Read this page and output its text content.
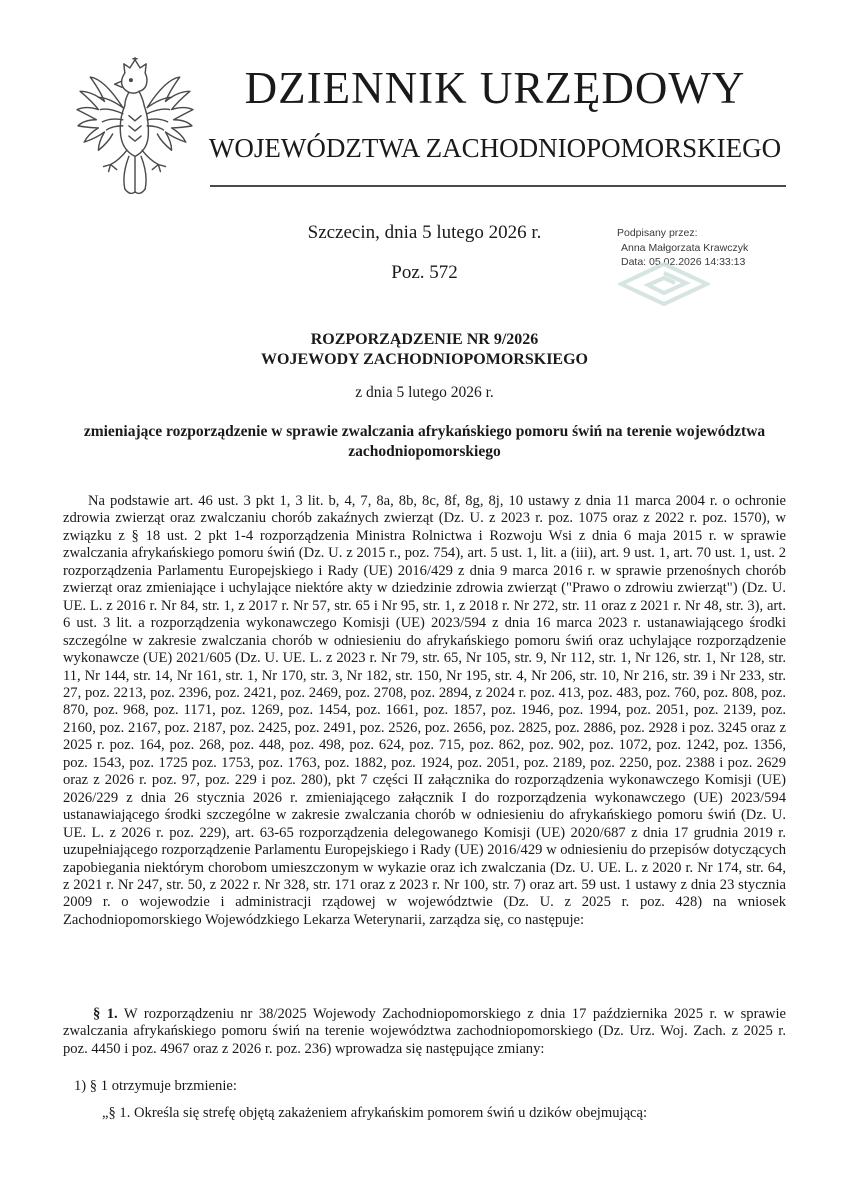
DZIENNIK URZĘDOWY
WOJEWÓDZTWA ZACHODNIOPOMORSKIEGO
Szczecin, dnia 5 lutego 2026 r.
Poz. 572
Podpisany przez:
Anna Małgorzata Krawczyk
Data: 05.02.2026 14:33:13
ROZPORZĄDZENIE NR 9/2026
WOJEWODY ZACHODNIOPOMORSKIEGO
z dnia 5 lutego 2026 r.
zmieniające rozporządzenie w sprawie zwalczania afrykańskiego pomoru świń na terenie województwa zachodniopomorskiego

Na podstawie art. 46 ust. 3 pkt 1, 3 lit. b, 4, 7, 8a, 8b, 8c, 8f, 8g, 8j, 10 ustawy z dnia 11 marca 2004 r. o ochronie zdrowia zwierząt oraz zwalczaniu chorób zakaźnych zwierząt (Dz. U. z 2023 r. poz. 1075 oraz z 2022 r. poz. 1570), w związku z § 18 ust. 2 pkt 1-4 rozporządzenia Ministra Rolnictwa i Rozwoju Wsi z dnia 6 maja 2015 r. w sprawie zwalczania afrykańskiego pomoru świń (Dz. U. z 2015 r., poz. 754), art. 5 ust. 1, lit. a (iii), art. 9 ust. 1, art. 70 ust. 1, ust. 2 rozporządzenia Parlamentu Europejskiego i Rady (UE) 2016/429 z dnia 9 marca 2016 r. w sprawie przenośnych chorób zwierząt oraz zmieniające i uchylające niektóre akty w dziedzinie zdrowia zwierząt ("Prawo o zdrowiu zwierząt") (Dz. U. UE. L. z 2016 r. Nr 84, str. 1, z 2017 r. Nr 57, str. 65 i Nr 95, str. 1, z 2018 r. Nr 272, str. 11 oraz z 2021 r. Nr 48, str. 3), art. 6 ust. 3 lit. a rozporządzenia wykonawczego Komisji (UE) 2023/594 z dnia 16 marca 2023 r. ustanawiającego środki szczególne w zakresie zwalczania chorób w odniesieniu do afrykańskiego pomoru świń oraz uchylające rozporządzenie wykonawcze (UE) 2021/605 (Dz. U. UE. L. z 2023 r. Nr 79, str. 65, Nr 105, str. 9, Nr 112, str. 1, Nr 126, str. 1, Nr 128, str. 11, Nr 144, str. 14, Nr 161, str. 1, Nr 170, str. 3, Nr 182, str. 150, Nr 195, str. 4, Nr 206, str. 10, Nr 216, str. 39 i Nr 233, str. 27, poz. 2213, poz. 2396, poz. 2421, poz. 2469, poz. 2708, poz. 2894, z 2024 r. poz. 413, poz. 483, poz. 760, poz. 808, poz. 870, poz. 968, poz. 1171, poz. 1269, poz. 1454, poz. 1661, poz. 1857, poz. 1946, poz. 1994, poz. 2051, poz. 2139, poz. 2160, poz. 2167, poz. 2187, poz. 2425, poz. 2491, poz. 2526, poz. 2656, poz. 2825, poz. 2886, poz. 2928 i poz. 3245 oraz z 2025 r. poz. 164, poz. 268, poz. 448, poz. 498, poz. 624, poz. 715, poz. 862, poz. 902, poz. 1072, poz. 1242, poz. 1356, poz. 1543, poz. 1725 poz. 1753, poz. 1763, poz. 1882, poz. 1924, poz. 2051, poz. 2189, poz. 2250, poz. 2388 i poz. 2629 oraz z 2026 r. poz. 97, poz. 229 i poz. 280), pkt 7 części II załącznika do rozporządzenia wykonawczego Komisji (UE) 2026/229 z dnia 26 stycznia 2026 r. zmieniającego załącznik I do rozporządzenia wykonawczego (UE) 2023/594 ustanawiającego środki szczególne w zakresie zwalczania chorób w odniesieniu do afrykańskiego pomoru świń (Dz. U. UE. L. z 2026 r. poz. 229), art. 63-65 rozporządzenia delegowanego Komisji (UE) 2020/687 z dnia 17 grudnia 2019 r. uzupełniającego rozporządzenie Parlamentu Europejskiego i Rady (UE) 2016/429 w odniesieniu do przepisów dotyczących zapobiegania niektórym chorobom umieszczonym w wykazie oraz ich zwalczania (Dz. U. UE. L. z 2020 r. Nr 174, str. 64, z 2021 r. Nr 247, str. 50, z 2022 r. Nr 328, str. 171 oraz z 2023 r. Nr 100, str. 7) oraz art. 59 ust. 1 ustawy z dnia 23 stycznia 2009 r. o wojewodzie i administracji rządowej w województwie (Dz. U. z 2025 r. poz. 428) na wniosek Zachodniopomorskiego Wojewódzkiego Lekarza Weterynarii, zarządza się, co następuje:

§ 1. W rozporządzeniu nr 38/2025 Wojewody Zachodniopomorskiego z dnia 17 października 2025 r. w sprawie zwalczania afrykańskiego pomoru świń na terenie województwa zachodniopomorskiego (Dz. Urz. Woj. Zach. z 2025 r. poz. 4450 i poz. 4967 oraz z 2026 r. poz. 236) wprowadza się następujące zmiany:

1) § 1 otrzymuje brzmienie:

„§ 1. Określa się strefę objętą zakażeniem afrykańskim pomorem świń u dzików obejmującą:
